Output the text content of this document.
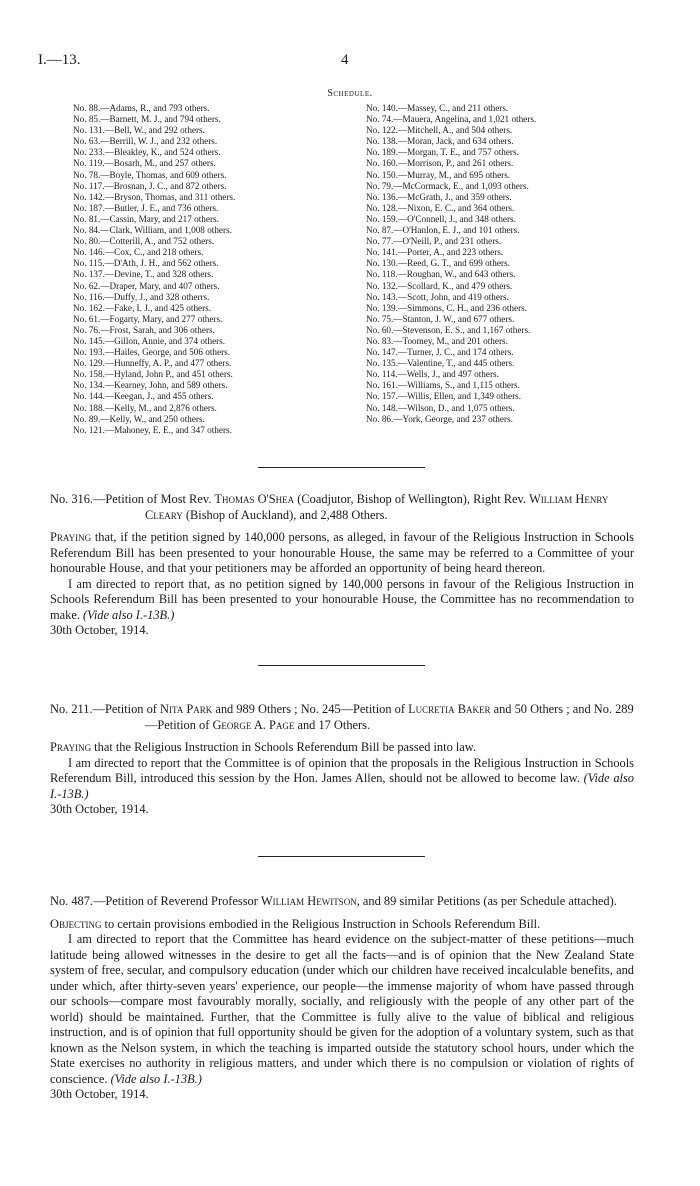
I.—13.	4
Schedule.
No. 88.—Adams, R., and 793 others.
No. 85.—Barnett, M. J., and 794 others.
No. 131.—Bell, W., and 292 others.
No. 63.—Berrill, W. J., and 232 others.
No. 233.—Bleakley, K., and 524 others.
No. 119.—Bosarh, M., and 257 others.
No. 78.—Boyle, Thomas, and 609 others.
No. 117.—Brosnan, J. C., and 872 others.
No. 142.—Bryson, Thomas, and 311 others.
No. 187.—Butler, J. E., and 736 others.
No. 81.—Cassin, Mary, and 217 others.
No. 84.—Clark, William, and 1,008 others.
No. 80.—Cotterill, A., and 752 others.
No. 146.—Cox, C., and 218 others.
No. 115.—D'Ath, J. H., and 562 others.
No. 137.—Devine, T., and 328 others.
No. 62.—Draper, Mary, and 407 others.
No. 116.—Duffy, J., and 328 otherrs.
No. 162.—Fake, I. J., and 425 others.
No. 61.—Fogarty, Mary, and 277 others.
No. 76.—Frost, Sarah, and 306 others.
No. 145.—Gillon, Annie, and 374 others.
No. 193.—Hailes, George, and 506 others.
No. 129.—Hunneffy, A. P., and 477 others.
No. 158.—Hyland, John P., and 451 others.
No. 134.—Kearney, John, and 589 others.
No. 144.—Keegan, J., and 455 others.
No. 188.—Kelly, M., and 2,876 others.
No. 89.—Kelly, W., and 250 others.
No. 121.—Mahoney, E. E., and 347 others.
No. 140.—Massey, C., and 211 others.
No. 74.—Mauera, Angelina, and 1,021 others.
No. 122.—Mitchell, A., and 504 others.
No. 138.—Moran, Jack, and 634 others.
No. 189.—Morgan, T. E., and 757 others.
No. 160.—Morrison, P., and 261 others.
No. 150.—Murray, M., and 695 others.
No. 79.—McCormack, E., and 1,093 others.
No. 136.—McGrath, J., and 359 others.
No. 128.—Nixon, E. C., and 364 others.
No. 159.—O'Connell, J., and 348 others.
No. 87.—O'Hanlon, E. J., and 101 others.
No. 77.—O'Neill, P., and 231 others.
No. 141.—Porter, A., and 223 others.
No. 130.—Reed, G. T., and 699 others.
No. 118.—Roughan, W., and 643 others.
No. 132.—Scollard, K., and 479 others.
No. 143.—Scott, John, and 419 others.
No. 139.—Simmons, C. H., and 236 others.
No. 75.—Stanton, J. W., and 677 others.
No. 60.—Stevenson, E. S., and 1,167 others.
No. 83.—Toomey, M., and 201 others.
No. 147.—Turner, J. C., and 174 others.
No. 135.—Valentine, T., and 445 others.
No. 114.—Wells, J., and 497 others.
No. 161.—Williams, S., and 1,115 others.
No. 157.—Willis, Ellen, and 1,349 others.
No. 148.—Wilson, D., and 1,075 others.
No. 86.—York, George, and 237 others.

No. 316.—Petition of Most Rev. Thomas O'Shea (Coadjutor, Bishop of Wellington), Right Rev. William Henry Cleary (Bishop of Auckland), and 2,488 Others.

Praying that, if the petition signed by 140,000 persons, as alleged, in favour of the Religious Instruction in Schools Referendum Bill has been presented to your honourable House, the same may be referred to a Committee of your honourable House, and that your petitioners may be afforded an opportunity of being heard thereon.

I am directed to report that, as no petition signed by 140,000 persons in favour of the Religious Instruction in Schools Referendum Bill has been presented to your honourable House, the Committee has no recommendation to make. (Vide also I.-13B.)

30th October, 1914.

No. 211.—Petition of Nita Park and 989 Others ; No. 245—Petition of Lucretia Baker and 50 Others ; and No. 289—Petition of George A. Page and 17 Others.

Praying that the Religious Instruction in Schools Referendum Bill be passed into law.

I am directed to report that the Committee is of opinion that the proposals in the Religious Instruction in Schools Referendum Bill, introduced this session by the Hon. James Allen, should not be allowed to become law. (Vide also I.-13B.)

30th October, 1914.

No. 487.—Petition of Reverend Professor William Hewitson, and 89 similar Petitions (as per Schedule attached).

Objecting to certain provisions embodied in the Religious Instruction in Schools Referendum Bill.

I am directed to report that the Committee has heard evidence on the subject-matter of these petitions—much latitude being allowed witnesses in the desire to get all the facts—and is of opinion that the New Zealand State system of free, secular, and compulsory education (under which our children have received incalculable benefits, and under which, after thirty-seven years' experience, our people—the immense majority of whom have passed through our schools—compare most favourably morally, socially, and religiously with the people of any other part of the world) should be maintained. Further, that the Committee is fully alive to the value of biblical and religious instruction, and is of opinion that full opportunity should be given for the adoption of a voluntary system, such as that known as the Nelson system, in which the teaching is imparted outside the statutory school hours, under which the State exercises no authority in religious matters, and under which there is no compulsion or violation of rights of conscience. (Vide also I.-13B.)

30th October, 1914.
